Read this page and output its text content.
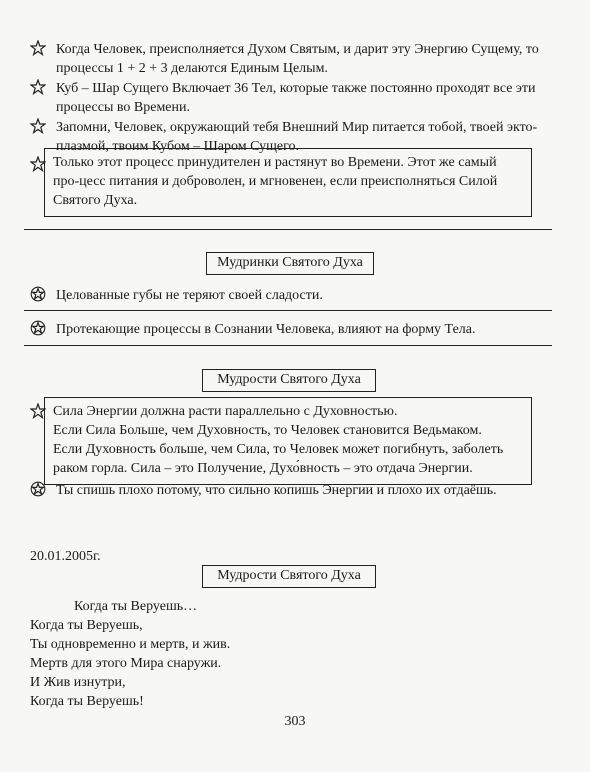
Когда Человек, преисполняется Духом Святым, и дарит эту Энергию Сущему, то процессы 1 + 2 + 3 делаются Единым Целым.
Куб – Шар Сущего Включает 36 Тел, которые также постоянно проходят все эти процессы во Времени.
Запомни, Человек, окружающий тебя Внешний Мир питается тобой, твоей экто-плазмой, твоим Кубом – Шаром Сущего.
Только этот процесс принудителен и растянут во Времени. Этот же самый про-цесс питания и доброволен, и мгновенен, если преисполняться Силой Святого Духа.
Мудринки Святого Духа
Целованные губы не теряют своей сладости.
Протекающие процессы в Сознании Человека, влияют на форму Тела.
Мудрости Святого Духа
Сила Энергии должна расти параллельно с Духовностью.
Если Сила Больше, чем Духовность, то Человек становится Ведьмаком.
Если Духовность больше, чем Сила, то Человек может погибнуть, заболеть
раком горла. Сила – это Получение, Духо́вность – это отдача Энергии.
Ты спишь плохо потому, что сильно копишь Энергии и плохо их отдаёшь.
20.01.2005г.
Мудрости Святого Духа
Когда ты Веруешь…
Когда ты Веруешь,
Ты одновременно и мертв, и жив.
Мертв для этого Мира снаружи.
И Жив изнутри,
Когда ты Веруешь!
303
